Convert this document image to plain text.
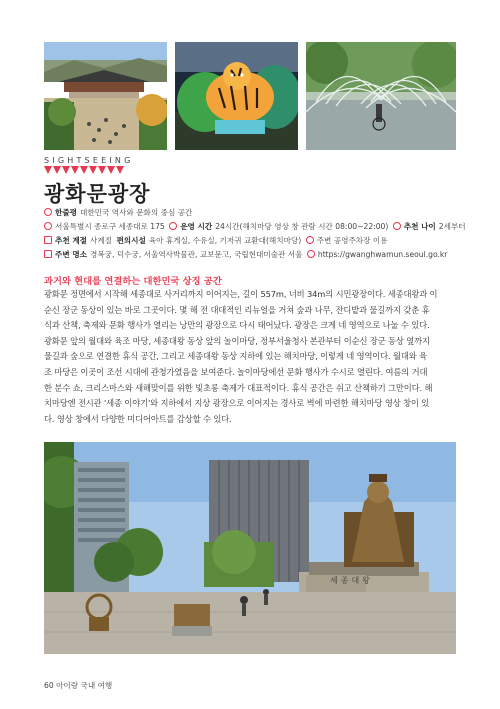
SIGHTSEEING
광화문광장
한줄평 대한민국 역사와 문화의 중심 공간
서울특별시 종로구 세종대로 175 운영 시간 24시간(해치마당 영상 창 관람 시간 08:00~22:00) 추천 나이 2세부터
추천 계절 사계절 편의시설 육아 휴게실, 수유실, 기저귀 교환대(해치마당) 주변 공영주차장 이용
주변 명소 경복궁, 덕수궁, 서울역사박물관, 교보문고, 국립현대미술관 서울 https://gwanghwamun.seoul.go.kr
과거와 현대를 연결하는 대한민국 상징 공간

광화문 정면에서 시작해 세종대로 사거리까지 이어지는, 길이 557m, 너비 34m의 시민광장이다. 세종대왕과 이

순신 장군 동상이 있는 바로 그곳이다. 몇 해 전 대대적인 리뉴얼을 거쳐 숲과 나무, 잔디밭과 물길까지 갖춘 휴

식과 산책, 축제와 문화 행사가 열리는 낭만의 광장으로 다시 태어났다. 광장은 크게 네 영역으로 나눌 수 있다.

광화문 앞의 월대와 육조 마당, 세종대왕 동상 앞의 놀이마당, 정부서울청사 본관부터 이순신 장군 동상 옆까지

물길과 숲으로 연결한 휴식 공간, 그리고 세종대왕 동상 지하에 있는 해치마당, 이렇게 네 영역이다. 월대와 육

조 마당은 이곳이 조선 시대에 관청가였음을 보여준다. 놀이마당에선 문화 행사가 수시로 열린다. 여름의 거대

한 분수 쇼, 크리스마스와 새해맞이를 위한 빛초롱 축제가 대표적이다. 휴식 공간은 쉬고 산책하기 그만이다. 해

치마당엔 전시관 '세종 이야기'와 지하에서 지상 광장으로 이어지는 경사로 벽에 마련한 해치마당 영상 창이 있

다. 영상 창에서 다양한 미디어아트를 감상할 수 있다.

세종대왕
60 아이랑 국내 여행
